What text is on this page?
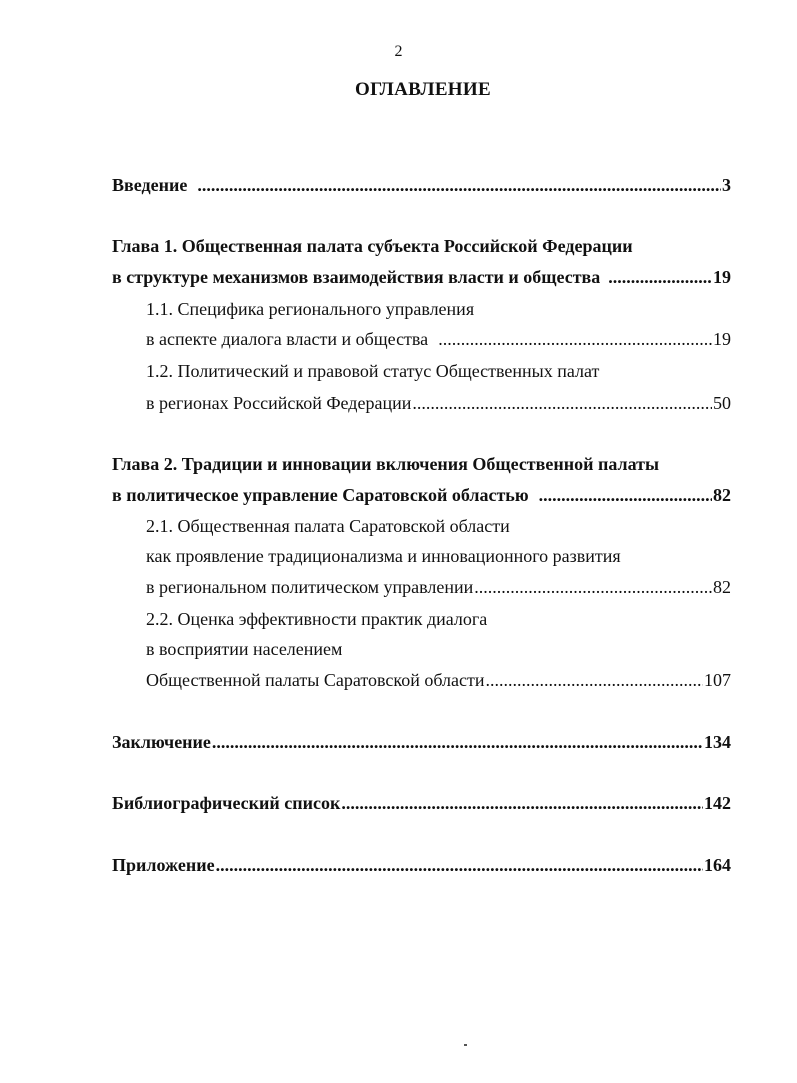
2
ОГЛАВЛЕНИЕ
Введение .....	3
Глава 1. Общественная палата субъекта Российской Федерации
в структуре механизмов взаимодействия власти и общества .....	19
1.1. Специфика регионального управления
в аспекте диалога власти и общества .....	19
1.2. Политический и правовой статус Общественных палат
в регионах Российской Федерации .....	50
Глава 2. Традиции и инновации включения Общественной палаты
в политическое управление Саратовской областью .....	82
2.1. Общественная палата Саратовской области
как проявление традиционализма и инновационного развития
в региональном политическом управлении .....	82
2.2. Оценка эффективности практик диалога
в восприятии населением
Общественной палаты Саратовской области .....	107
Заключение .....	134
Библиографический список .....	142
Приложение .....	164
